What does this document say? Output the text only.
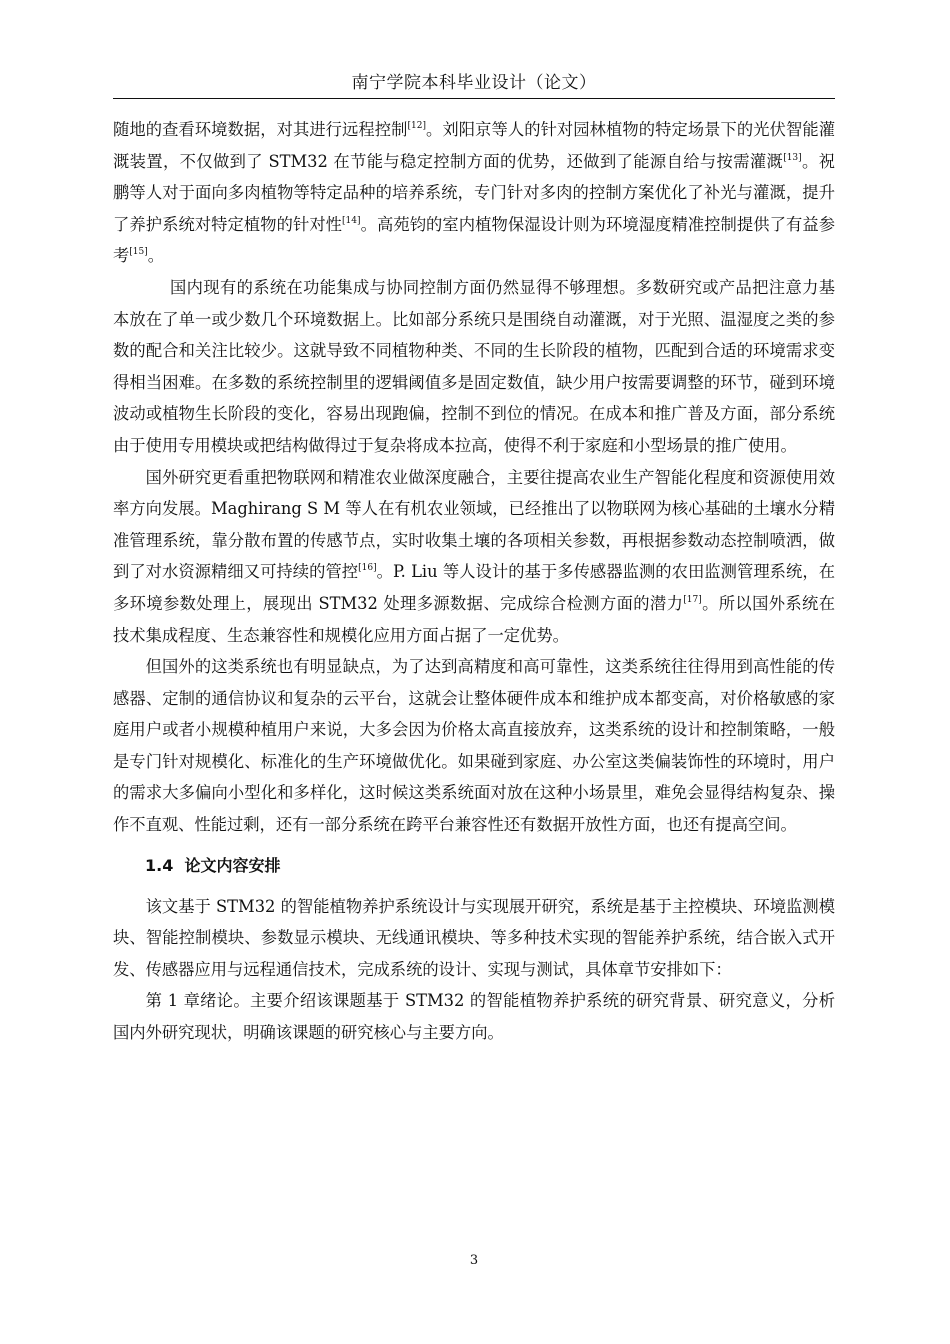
南宁学院本科毕业设计（论文）

随地的查看环境数据，对其进行远程控制[12]。刘阳京等人的针对园林植物的特定场景下的光伏智能灌溉装置，不仅做到了 STM32 在节能与稳定控制方面的优势，还做到了能源自给与按需灌溉[13]。祝鹏等人对于面向多肉植物等特定品种的培养系统，专门针对多肉的控制方案优化了补光与灌溉，提升了养护系统对特定植物的针对性[14]。高苑钧的室内植物保湿设计则为环境湿度精准控制提供了有益参考[15]。

国内现有的系统在功能集成与协同控制方面仍然显得不够理想。多数研究或产品把注意力基本放在了单一或少数几个环境数据上。比如部分系统只是围绕自动灌溉，对于光照、温湿度之类的参数的配合和关注比较少。这就导致不同植物种类、不同的生长阶段的植物，匹配到合适的环境需求变得相当困难。在多数的系统控制里的逻辑阈值多是固定数值，缺少用户按需要调整的环节，碰到环境波动或植物生长阶段的变化，容易出现跑偏，控制不到位的情况。在成本和推广普及方面，部分系统由于使用专用模块或把结构做得过于复杂将成本拉高，使得不利于家庭和小型场景的推广使用。

国外研究更看重把物联网和精准农业做深度融合，主要往提高农业生产智能化程度和资源使用效率方向发展。Maghirang S M 等人在有机农业领域，已经推出了以物联网为核心基础的土壤水分精准管理系统，靠分散布置的传感节点，实时收集土壤的各项相关参数，再根据参数动态控制喷洒，做到了对水资源精细又可持续的管控[16]。P. Liu 等人设计的基于多传感器监测的农田监测管理系统，在多环境参数处理上，展现出 STM32 处理多源数据、完成综合检测方面的潜力[17]。所以国外系统在技术集成程度、生态兼容性和规模化应用方面占据了一定优势。

但国外的这类系统也有明显缺点，为了达到高精度和高可靠性，这类系统往往得用到高性能的传感器、定制的通信协议和复杂的云平台，这就会让整体硬件成本和维护成本都变高，对价格敏感的家庭用户或者小规模种植用户来说，大多会因为价格太高直接放弃，这类系统的设计和控制策略，一般是专门针对规模化、标准化的生产环境做优化。如果碰到家庭、办公室这类偏装饰性的环境时，用户的需求大多偏向小型化和多样化，这时候这类系统面对放在这种小场景里，难免会显得结构复杂、操作不直观、性能过剩，还有一部分系统在跨平台兼容性还有数据开放性方面，也还有提高空间。

1.4 论文内容安排

该文基于 STM32 的智能植物养护系统设计与实现展开研究，系统是基于主控模块、环境监测模块、智能控制模块、参数显示模块、无线通讯模块、等多种技术实现的智能养护系统，结合嵌入式开发、传感器应用与远程通信技术，完成系统的设计、实现与测试，具体章节安排如下：

第 1 章绪论。主要介绍该课题基于 STM32 的智能植物养护系统的研究背景、研究意义，分析国内外研究现状，明确该课题的研究核心与主要方向。

3
